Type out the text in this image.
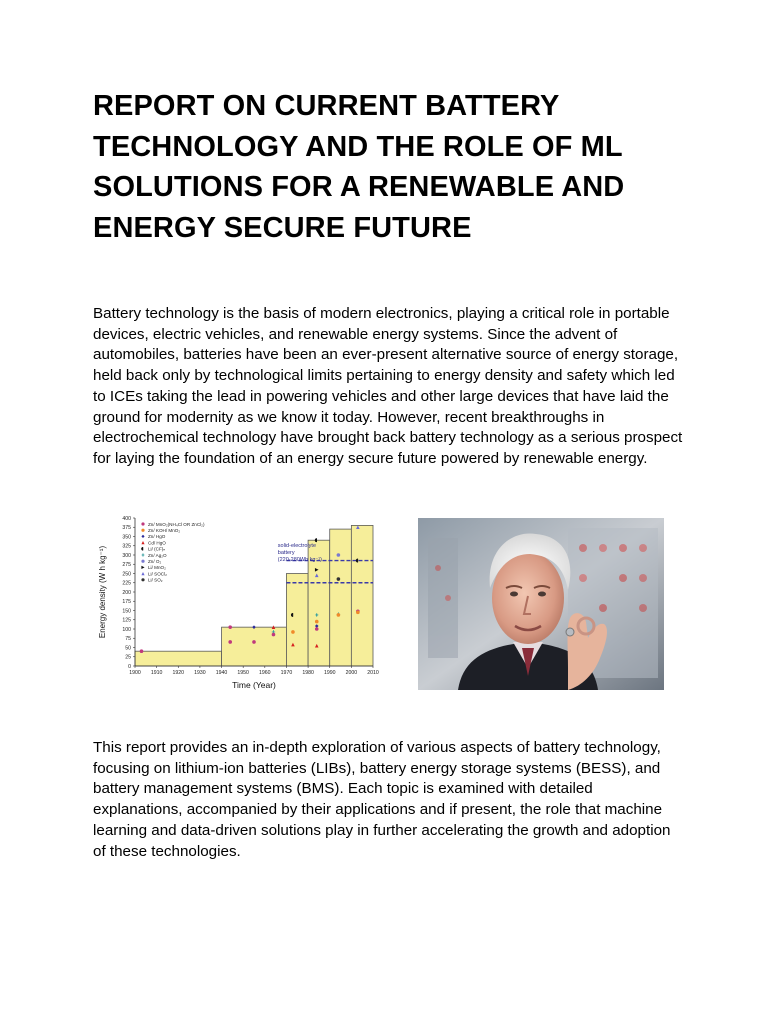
REPORT ON CURRENT BATTERY TECHNOLOGY AND THE ROLE OF ML SOLUTIONS FOR A RENEWABLE AND ENERGY SECURE FUTURE

Battery technology is the basis of modern electronics, playing a critical role in portable devices, electric vehicles, and renewable energy systems. Since the advent of automobiles, batteries have been an ever-present alternative source of energy storage, held back only by technological limits pertaining to energy density and safety which led to ICEs taking the lead in powering vehicles and other large devices that have laid the ground for modernity as we know it today. However, recent breakthroughs in electrochemical technology have brought back battery technology as a serious prospect for laying the foundation of an energy secure future powered by renewable energy.

solid-electrolyte
battery
(220-280Wh kg⁻¹)
1900 1910 1920 1930 1940 1950 1960 1970 1980 1990 2000 2010
0
25
50
75
100
125
150
175
200
225
250
275
300
325
350
375
400
Time (Year)
Energy density (W h kg⁻¹)
Zn/ MnO₂(NH₄Cl OR ZnCl₂)
Zn/ KOH/ MnO₂
Zn/ HgO
Cd/ HgO
Li/ (CF)ₙ
Zn/ Ag₂O
Zn/ O₂
Li/ MnO₂
Li/ SOCl₂
Li/ SO₂

This report provides an in-depth exploration of various aspects of battery technology, focusing on lithium-ion batteries (LIBs), battery energy storage systems (BESS), and battery management systems (BMS). Each topic is examined with detailed explanations, accompanied by their applications and if present, the role that machine learning and data-driven solutions play in further accelerating the growth and adoption of these technologies.
